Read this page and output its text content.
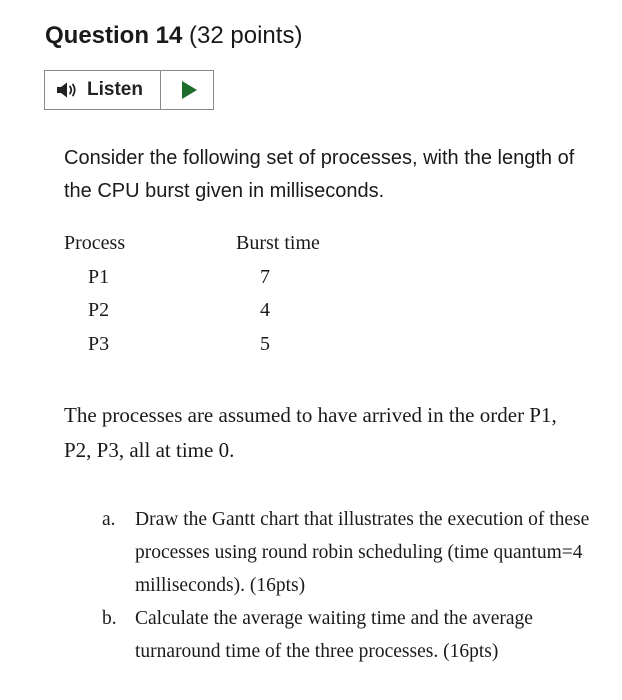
Question 14 (32 points)
Listen
Consider the following set of processes, with the length of the CPU burst given in milliseconds.
Process	Burst time
P1	7
P2	4
P3	5
The processes are assumed to have arrived in the order P1, P2, P3, all at time 0.
a. Draw the Gantt chart that illustrates the execution of these processes using round robin scheduling (time quantum=4 milliseconds). (16pts)
b. Calculate the average waiting time and the average turnaround time of the three processes. (16pts)
